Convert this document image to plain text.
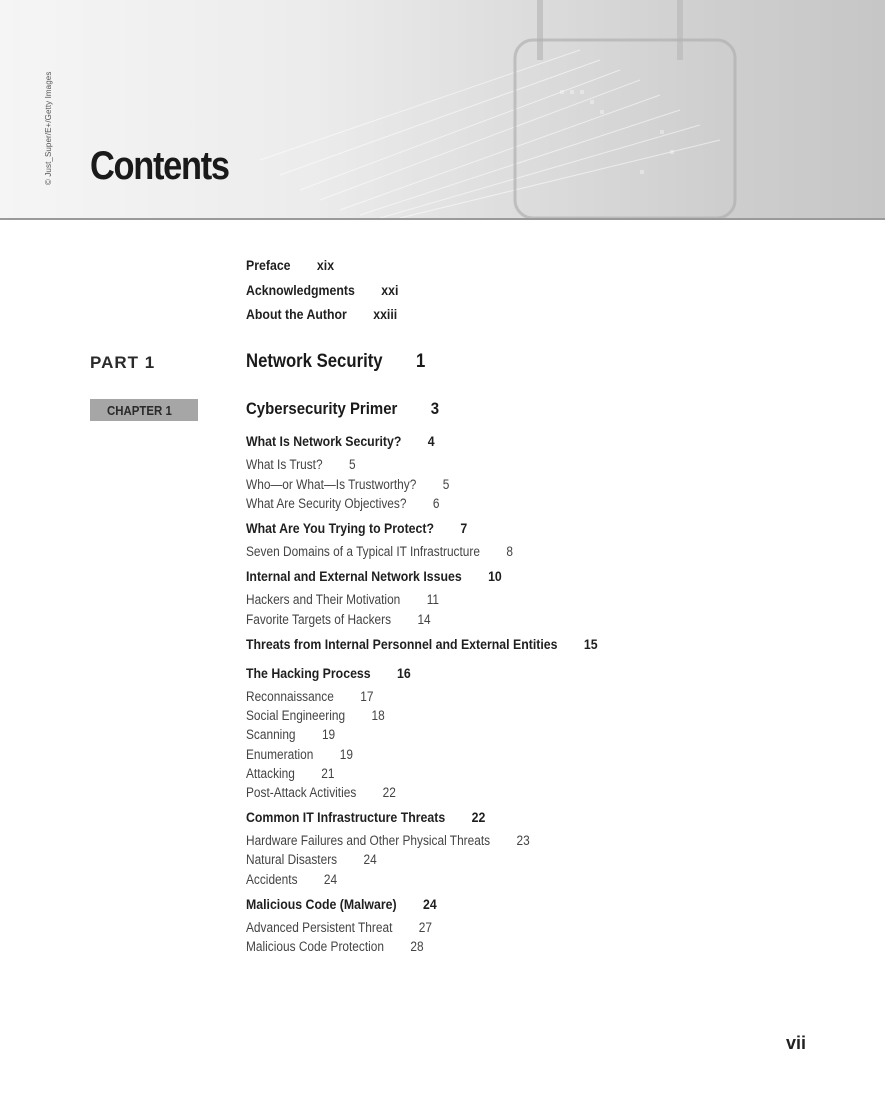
© Just_Super/E+/Getty Images Contents
Preface xix
Acknowledgments xxi
About the Author xxiii
PART 1	Network Security 1
CHAPTER 1	Cybersecurity Primer 3
What Is Network Security? 4
What Is Trust? 5
Who—or What—Is Trustworthy? 5
What Are Security Objectives? 6
What Are You Trying to Protect? 7
Seven Domains of a Typical IT Infrastructure 8
Internal and External Network Issues 10
Hackers and Their Motivation 11
Favorite Targets of Hackers 14
Threats from Internal Personnel and External Entities 15
The Hacking Process 16
Reconnaissance 17
Social Engineering 18
Scanning 19
Enumeration 19
Attacking 21
Post-Attack Activities 22
Common IT Infrastructure Threats 22
Hardware Failures and Other Physical Threats 23
Natural Disasters 24
Accidents 24
Malicious Code (Malware) 24
Advanced Persistent Threat 27
Malicious Code Protection 28
vii
